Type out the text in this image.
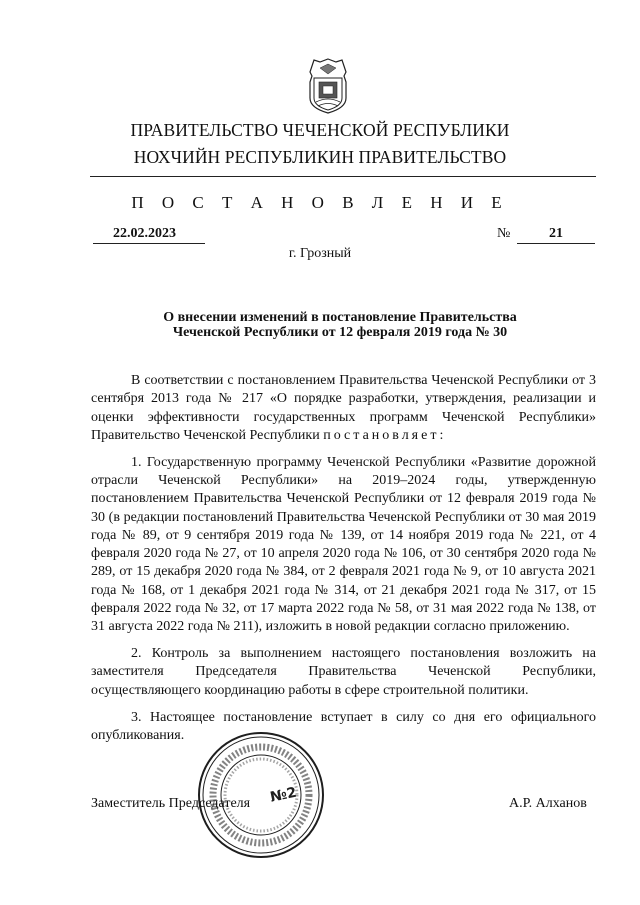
ПРАВИТЕЛЬСТВО ЧЕЧЕНСКОЙ РЕСПУБЛИКИ
НОХЧИЙН РЕСПУБЛИКИН ПРАВИТЕЛЬСТВО
П О С Т А Н О В Л Е Н И Е
22.02.2023	№	21
г. Грозный
О внесении изменений в постановление Правительства
Чеченской Республики от 12 февраля 2019 года № 30

В соответствии с постановлением Правительства Чеченской Республики от 3 сентября 2013 года № 217 «О порядке разработки, утверждения, реализации и оценки эффективности государственных программ Чеченской Республики» Правительство Чеченской Республики постановляет:

1. Государственную программу Чеченской Республики «Развитие дорожной отрасли Чеченской Республики» на 2019–2024 годы, утвержденную постановлением Правительства Чеченской Республики от 12 февраля 2019 года № 30 (в редакции постановлений Правительства Чеченской Республики от 30 мая 2019 года № 89, от 9 сентября 2019 года № 139, от 14 ноября 2019 года № 221, от 4 февраля 2020 года № 27, от 10 апреля 2020 года № 106, от 30 сентября 2020 года № 289, от 15 декабря 2020 года № 384, от 2 февраля 2021 года № 9, от 10 августа 2021 года № 168, от 1 декабря 2021 года № 314, от 21 декабря 2021 года № 317, от 15 февраля 2022 года № 32, от 17 марта 2022 года № 58, от 31 мая 2022 года № 138, от 31 августа 2022 года № 211), изложить в новой редакции согласно приложению.

2. Контроль за выполнением настоящего постановления возложить на заместителя Председателя Правительства Чеченской Республики, осуществляющего координацию работы в сфере строительной политики.

3. Настоящее постановление вступает в силу со дня его официального опубликования.

№2
Заместитель Председателя	А.Р. Алханов
